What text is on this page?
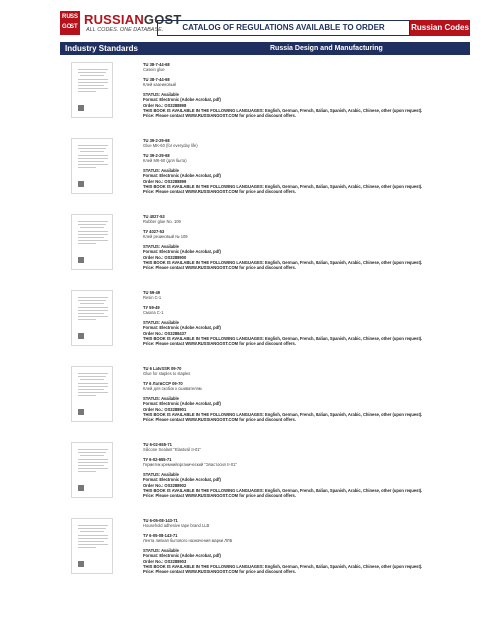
RU SS
GO
ST RUSSIANGOST
ALL CODES. ONE DATABASE.	CATALOG OF REGULATIONS AVAILABLE TO ORDER	Russian Codes
Industry Standards	Russia Design and Manufacturing
TU 38-7-44-68
Casein glue
TU 38-7-44-68
Клей казеиновый
STATUS: Available
Format: Electronic (Adobe Acrobat, pdf)
Order No.: OS3288898
THIS BOOK IS AVAILABLE IN THE FOLLOWING LANGUAGES: English, German, French, Italian, Spanish, Arabic, Chinese, other (upon request).
Price: Please contact WWW.RUSSIANGOST.COM for price and discount offers.
TU 39-2-29-68
Glue MK-60 (for everyday life)
TU 39-2-29-68
Клей МК-60 (для быта)
STATUS: Available
Format: Electronic (Adobe Acrobat, pdf)
Order No.: OS3288899
THIS BOOK IS AVAILABLE IN THE FOLLOWING LANGUAGES: English, German, French, Italian, Spanish, Arabic, Chinese, other (upon request).
Price: Please contact WWW.RUSSIANGOST.COM for price and discount offers.
TU 4027-53
Rubber glue No. 109
TУ 4027-53
Клей резиновый № 109
STATUS: Available
Format: Electronic (Adobe Acrobat, pdf)
Order No.: OS3288900
THIS BOOK IS AVAILABLE IN THE FOLLOWING LANGUAGES: English, German, French, Italian, Spanish, Arabic, Chinese, other (upon request).
Price: Please contact WWW.RUSSIANGOST.COM for price and discount offers.
TU 59-49
Resin C-1
TУ 59-49
Смола С-1
STATUS: Available
Format: Electronic (Adobe Acrobat, pdf)
Order No.: OS3288437
THIS BOOK IS AVAILABLE IN THE FOLLOWING LANGUAGES: English, German, French, Italian, Spanish, Arabic, Chinese, other (upon request).
Price: Please contact WWW.RUSSIANGOST.COM for price and discount offers.
TU 6 LatvSSR 09-70
Glue for staples to staples
TУ 6 ЛатвССР 09-70
Клей для скобок к сшивателям
STATUS: Available
Format: Electronic (Adobe Acrobat, pdf)
Order No.: OS3288901
THIS BOOK IS AVAILABLE IN THE FOLLOWING LANGUAGES: English, German, French, Italian, Spanish, Arabic, Chinese, other (upon request).
Price: Please contact WWW.RUSSIANGOST.COM for price and discount offers.
TU 6-02-655-71
Silicone Sealant "Elastosil II-01"
TУ 6-02-655-71
Герметик кремнийорганический "Эластосил II-01"
STATUS: Available
Format: Electronic (Adobe Acrobat, pdf)
Order No.: OS3288902
THIS BOOK IS AVAILABLE IN THE FOLLOWING LANGUAGES: English, German, French, Italian, Spanish, Arabic, Chinese, other (upon request).
Price: Please contact WWW.RUSSIANGOST.COM for price and discount offers.
TU 6-05-08-143-71
Household adhesive tape brand LLB
TУ 6-05-08-143-71
Лента липкая бытового назначения марки ЛЛБ
STATUS: Available
Format: Electronic (Adobe Acrobat, pdf)
Order No.: OS3288903
THIS BOOK IS AVAILABLE IN THE FOLLOWING LANGUAGES: English, German, French, Italian, Spanish, Arabic, Chinese, other (upon request).
Price: Please contact WWW.RUSSIANGOST.COM for price and discount offers.
